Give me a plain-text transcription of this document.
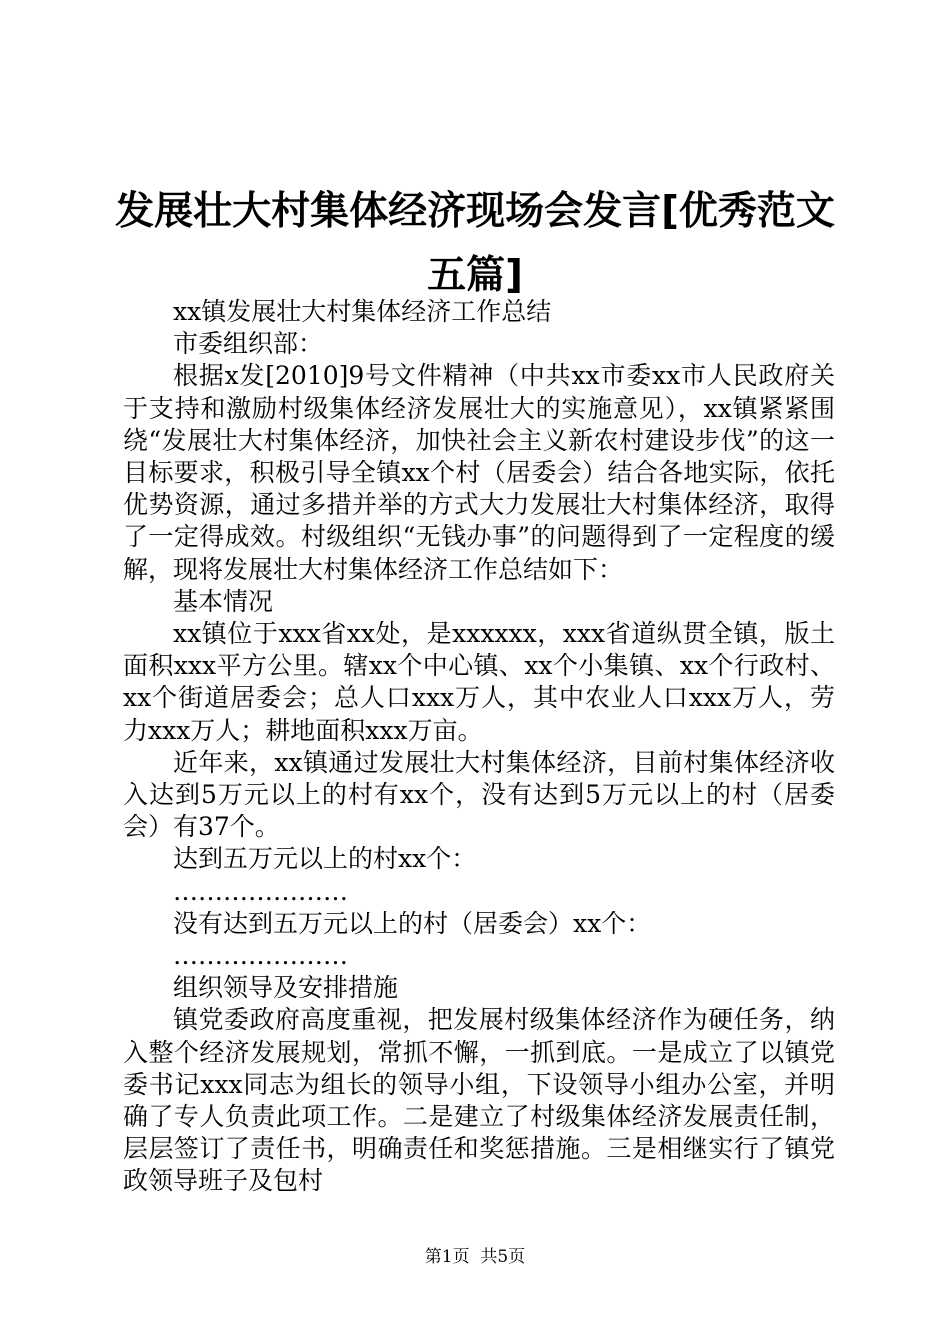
发展壮大村集体经济现场会发言[优秀范文五篇]

xx镇发展壮大村集体经济工作总结

市委组织部：

根据x发[2010]9号文件精神（中共xx市委xx市人民政府关于支持和激励村级集体经济发展壮大的实施意见），xx镇紧紧围绕“发展壮大村集体经济，加快社会主义新农村建设步伐”的这一目标要求，积极引导全镇xx个村（居委会）结合各地实际，依托优势资源，通过多措并举的方式大力发展壮大村集体经济，取得了一定得成效。村级组织“无钱办事”的问题得到了一定程度的缓解，现将发展壮大村集体经济工作总结如下：

基本情况

xx镇位于xxx省xx处，是xxxxxx，xxx省道纵贯全镇，版土面积xxx平方公里。辖xx个中心镇、xx个小集镇、xx个行政村、xx个街道居委会；总人口xxx万人，其中农业人口xxx万人，劳力xxx万人；耕地面积xxx万亩。

近年来，xx镇通过发展壮大村集体经济，目前村集体经济收入达到5万元以上的村有xx个，没有达到5万元以上的村（居委会）有37个。

达到五万元以上的村xx个：

…………………

没有达到五万元以上的村（居委会）xx个：

…………………

组织领导及安排措施

镇党委政府高度重视，把发展村级集体经济作为硬任务，纳入整个经济发展规划，常抓不懈，一抓到底。一是成立了以镇党委书记xxx同志为组长的领导小组，下设领导小组办公室，并明确了专人负责此项工作。二是建立了村级集体经济发展责任制，层层签订了责任书，明确责任和奖惩措施。三是相继实行了镇党政领导班子及包村

第1页  共5页
